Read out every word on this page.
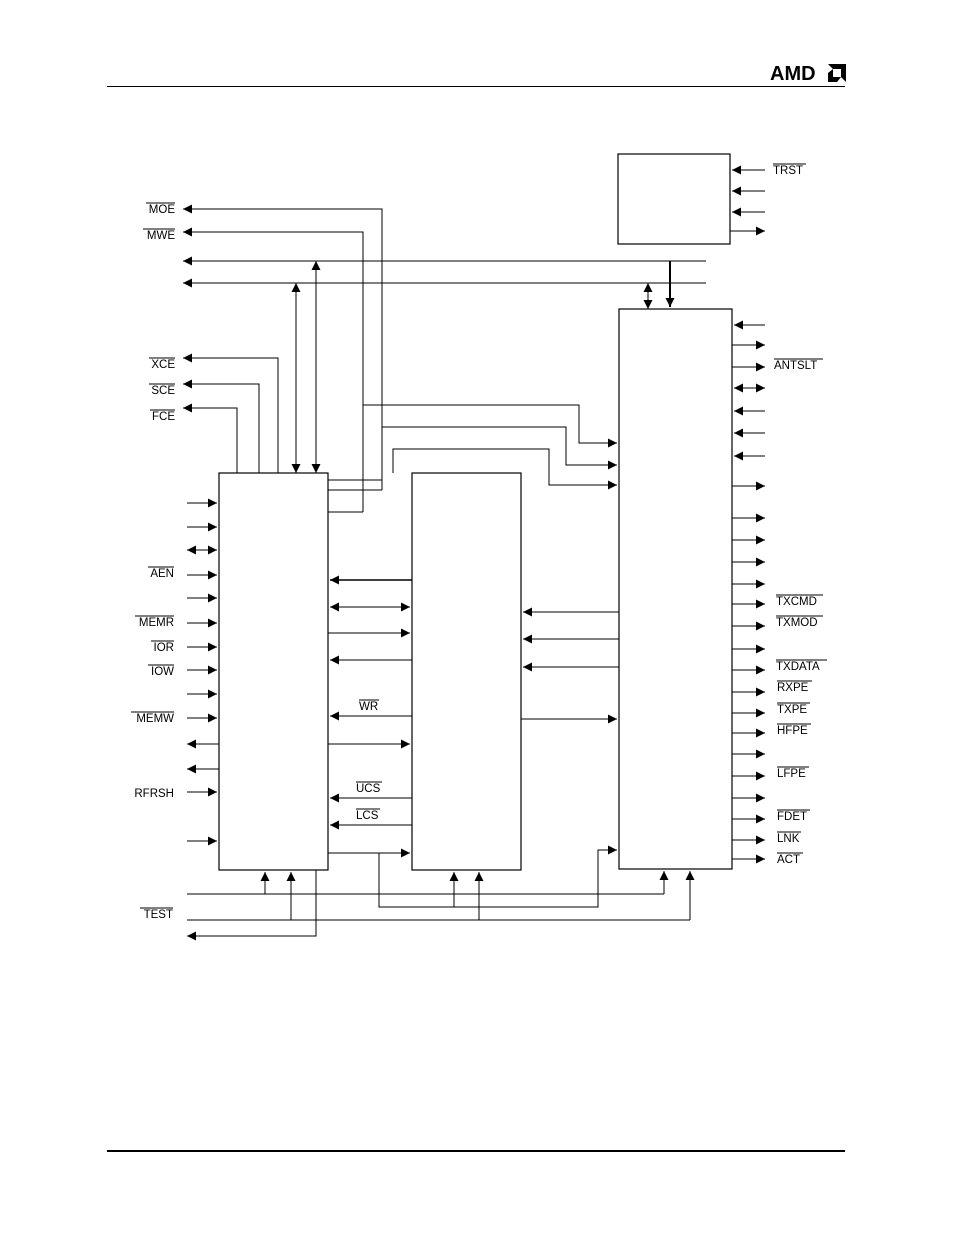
AMD
MOE
MWE
XCE
SCE
FCE
AEN
MEMR
IOR
IOW
MEMW
RFRSH
TEST
WR
UCS
LCS
TRST
ANTSLT
TXCMD
TXMOD
TXDATA
RXPE
TXPE
HFPE
LFPE
FDET
LNK
ACT
